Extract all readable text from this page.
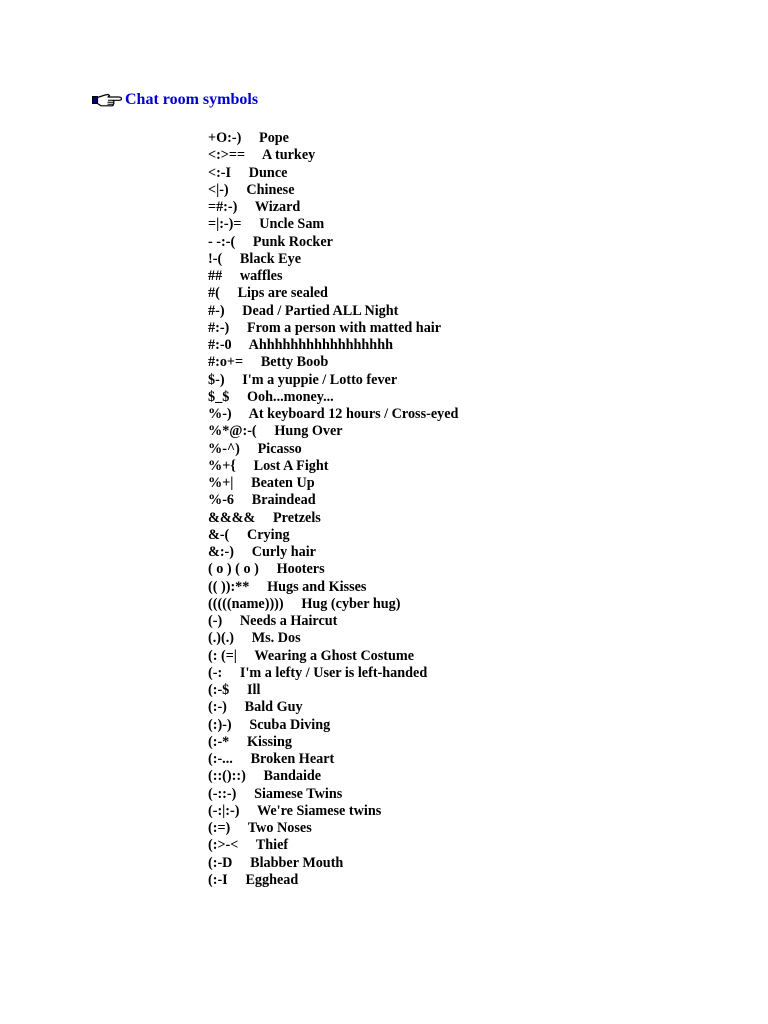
Chat room symbols
+O:-) Pope
<:>== A turkey
<:-I Dunce
<|-) Chinese
=#:-) Wizard
=|:-)= Uncle Sam
- -:-( Punk Rocker
!-( Black Eye
## waffles
#( Lips are sealed
#-) Dead / Partied ALL Night
#:-) From a person with matted hair
#:-0 Ahhhhhhhhhhhhhhhhh
#:o+= Betty Boob
$-) I'm a yuppie / Lotto fever
$_$ Ooh...money...
%-) At keyboard 12 hours / Cross-eyed
%*@:-( Hung Over
%-^) Picasso
%+{ Lost A Fight
%+| Beaten Up
%-6 Braindead
&&&& Pretzels
&-( Crying
&:-) Curly hair
( o ) ( o ) Hooters
(( )):** Hugs and Kisses
(((((name)))) Hug (cyber hug)
(-) Needs a Haircut
(.)(.) Ms. Dos
(: (=| Wearing a Ghost Costume
(-: I'm a lefty / User is left-handed
(:-$ Ill
(:-) Bald Guy
(:)-) Scuba Diving
(:-* Kissing
(:-... Broken Heart
(::()::) Bandaide
(-::-) Siamese Twins
(-:|:-) We're Siamese twins
(:=) Two Noses
(:>-< Thief
(:-D Blabber Mouth
(:-I Egghead
